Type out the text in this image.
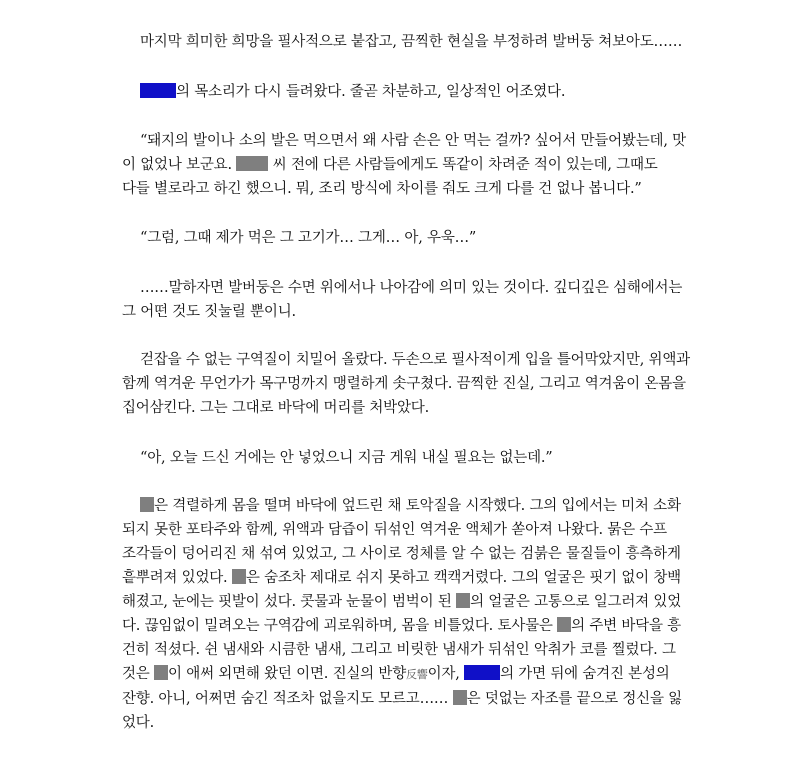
마지막 희미한 희망을 필사적으로 붙잡고, 끔찍한 현실을 부정하려 발버둥 쳐보아도……

의 목소리가 다시 들려왔다. 줄곧 차분하고, 일상적인 어조였다.

“돼지의 발이나 소의 발은 먹으면서 왜 사람 손은 안 먹는 걸까? 싶어서 만들어봤는데, 맛
이 없었나 보군요.	씨 전에 다른 사람들에게도 똑같이 차려준 적이 있는데, 그때도
다들 별로라고 하긴 했으니. 뭐, 조리 방식에 차이를 줘도 크게 다를 건 없나 봅니다.”

“그럼, 그때 제가 먹은 그 고기가… 그게… 아, 우욱…”

……말하자면 발버둥은 수면 위에서나 나아감에 의미 있는 것이다. 깊디깊은 심해에서는
그 어떤 것도 짓눌릴 뿐이니.

걷잡을 수 없는 구역질이 치밀어 올랐다. 두손으로 필사적이게 입을 틀어막았지만, 위액과
함께 역겨운 무언가가 목구멍까지 맹렬하게 솟구쳤다. 끔찍한 진실, 그리고 역겨움이 온몸을
집어삼킨다. 그는 그대로 바닥에 머리를 처박았다.

“아, 오늘 드신 거에는 안 넣었으니 지금 게워 내실 필요는 없는데.”

은 격렬하게 몸을 떨며 바닥에 엎드린 채 토악질을 시작했다. 그의 입에서는 미처 소화
되지 못한 포타주와 함께, 위액과 담즙이 뒤섞인 역겨운 액체가 쏟아져 나왔다. 묽은 수프
조각들이 덩어리진 채 섞여 있었고, 그 사이로 정체를 알 수 없는 검붉은 물질들이 흥측하게
흩뿌려져 있었다. 은 숨조차 제대로 쉬지 못하고 캑캑거렸다. 그의 얼굴은 핏기 없이 창백
해졌고, 눈에는 핏발이 섰다. 콧물과 눈물이 범벅이 된 의 얼굴은 고통으로 일그러져 있었
다. 끊임없이 밀려오는 구역감에 괴로워하며, 몸을 비틀었다. 토사물은 의 주변 바닥을 흥
건히 적셨다. 쉰 냄새와 시큼한 냄새, 그리고 비릿한 냄새가 뒤섞인 악취가 코를 찔렀다. 그
것은 이 애써 외면해 왔던 이면. 진실의 반향反響이자,	의 가면 뒤에 숨겨진 본성의
잔향. 아니, 어쩌면 숨긴 적조차 없을지도 모르고…… 은 덧없는 자조를 끝으로 정신을 잃
었다.
